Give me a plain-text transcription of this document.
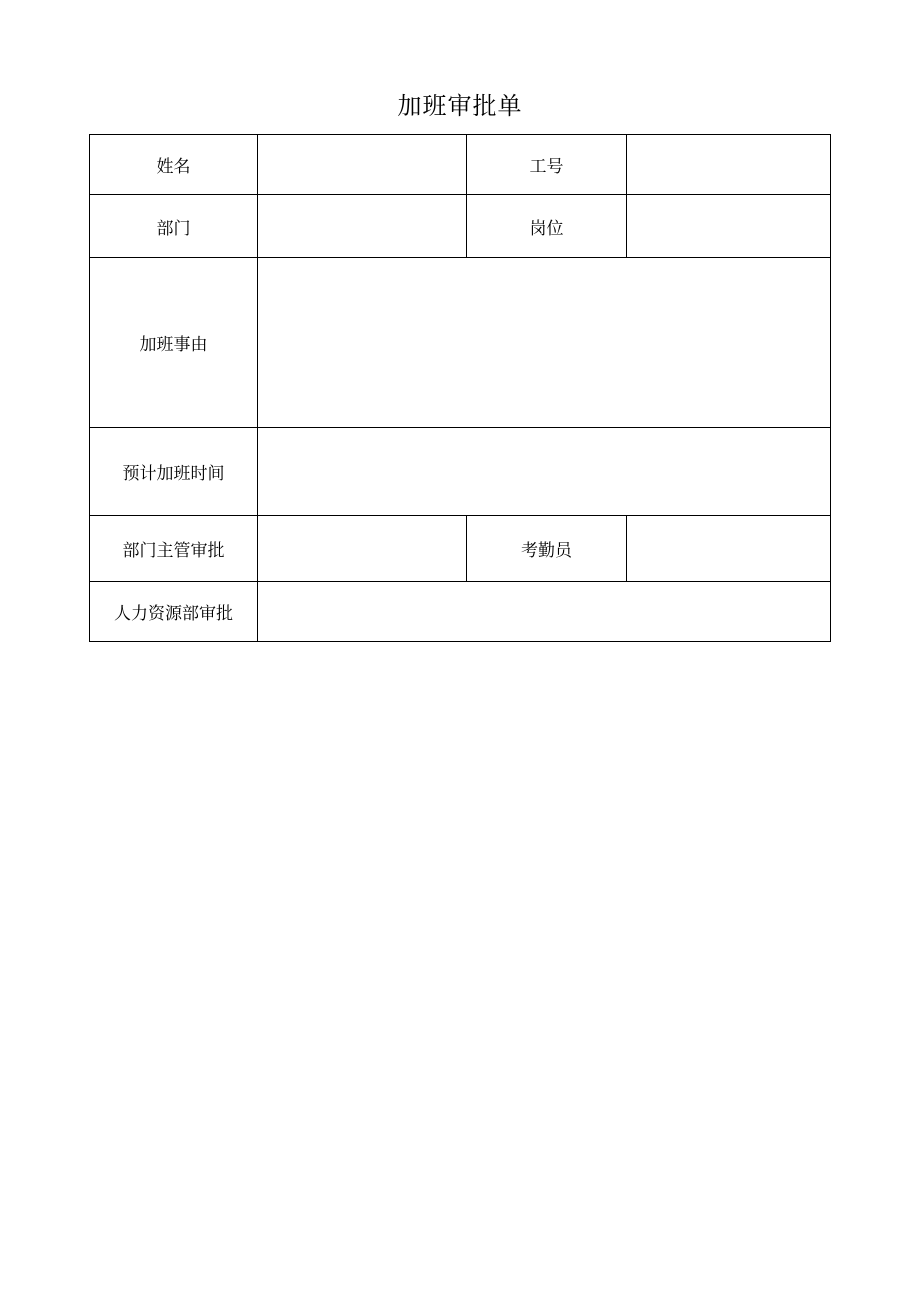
加班审批单
姓名		工号	
部门		岗位	
加班事由			
预计加班时间			
部门主管审批		考勤员	
人力资源部审批			
